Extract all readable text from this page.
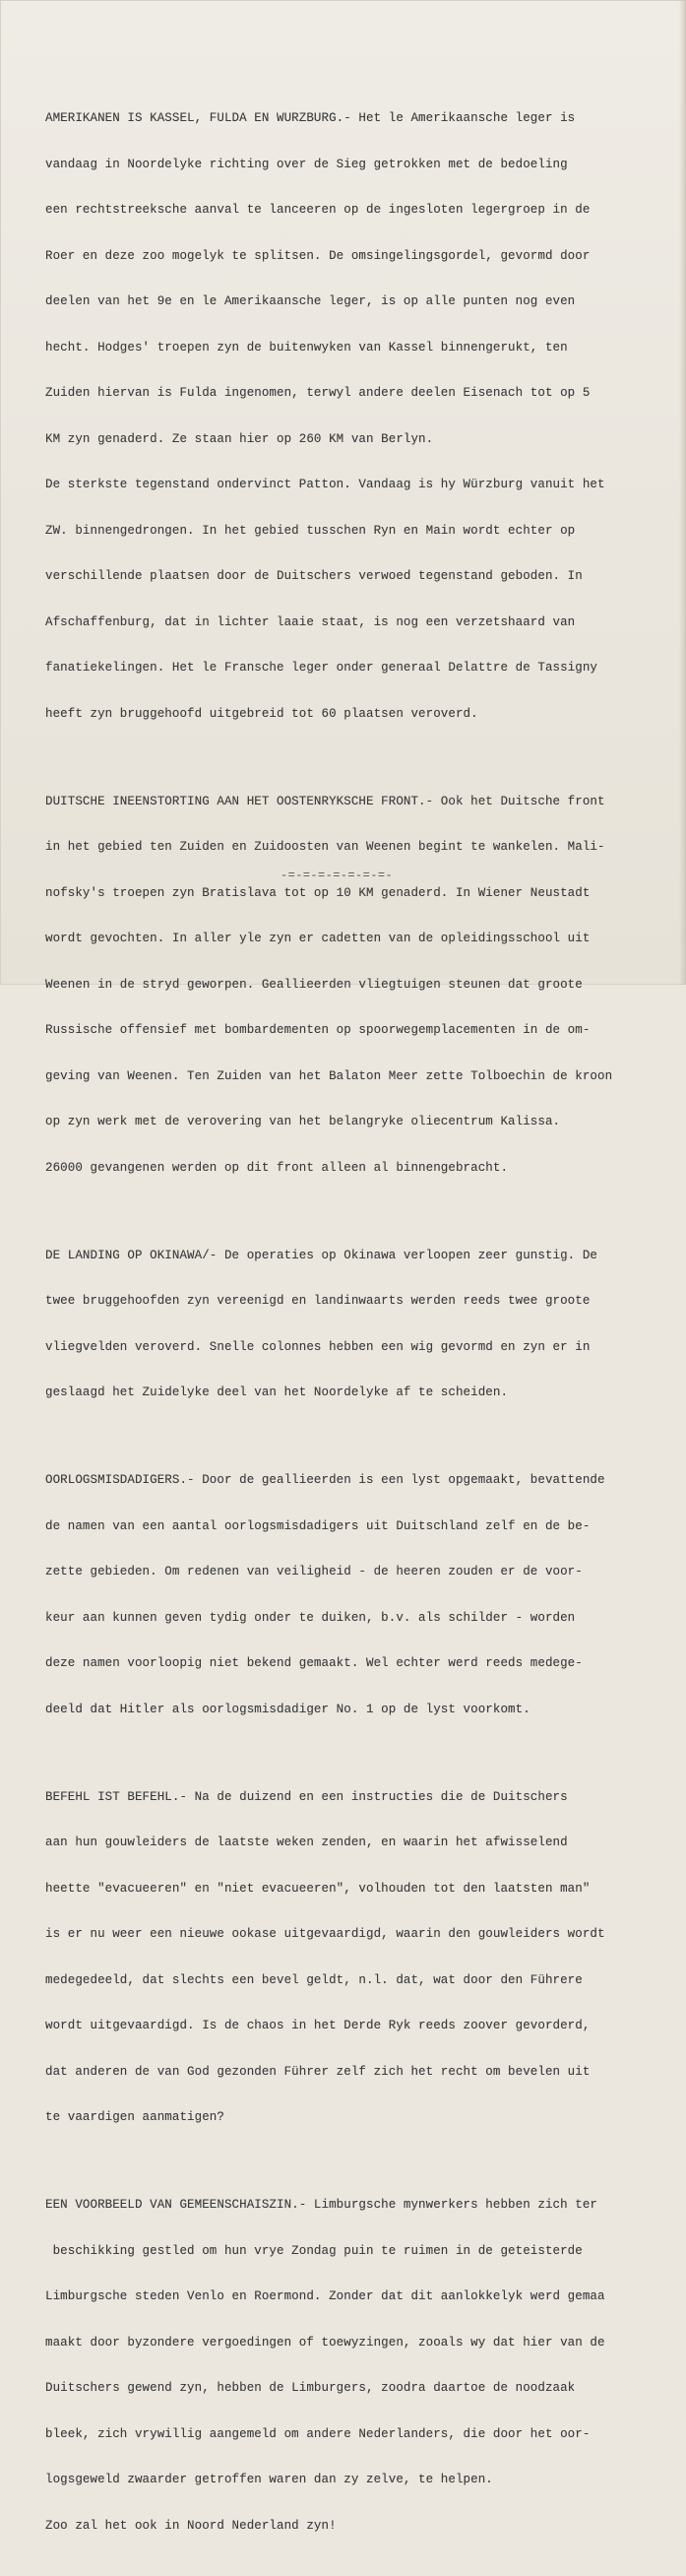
AMERIKANEN IS KASSEL, FULDA EN WURZBURG.- Het le Amerikaansche leger is

vandaag in Noordelyke richting over de Sieg getrokken met de bedoeling

een rechtstreeksche aanval te lanceeren op de ingesloten legergroep in de

Roer en deze zoo mogelyk te splitsen. De omsingelingsgordel, gevormd door

deelen van het 9e en le Amerikaansche leger, is op alle punten nog even

hecht. Hodges' troepen zyn de buitenwyken van Kassel binnengerukt, ten

Zuiden hiervan is Fulda ingenomen, terwyl andere deelen Eisenach tot op 5

KM zyn genaderd. Ze staan hier op 260 KM van Berlyn.

De sterkste tegenstand ondervinct Patton. Vandaag is hy Würzburg vanuit het

ZW. binnengedrongen. In het gebied tusschen Ryn en Main wordt echter op

verschillende plaatsen door de Duitschers verwoed tegenstand geboden. In

Afschaffenburg, dat in lichter laaie staat, is nog een verzetshaard van

fanatiekelingen. Het le Fransche leger onder generaal Delattre de Tassigny

heeft zyn bruggehoofd uitgebreid tot 60 plaatsen veroverd.

DUITSCHE INEENSTORTING AAN HET OOSTENRYKSCHE FRONT.- Ook het Duitsche front

in het gebied ten Zuiden en Zuidoosten van Weenen begint te wankelen. Mali-

nofsky's troepen zyn Bratislava tot op 10 KM genaderd. In Wiener Neustadt

wordt gevochten. In aller yle zyn er cadetten van de opleidingsschool uit

Weenen in de stryd geworpen. Geallieerden vliegtuigen steunen dat groote

Russische offensief met bombardementen op spoorwegemplacementen in de om-

geving van Weenen. Ten Zuiden van het Balaton Meer zette Tolboechin de kroon

op zyn werk met de verovering van het belangryke oliecentrum Kalissa.

26000 gevangenen werden op dit front alleen al binnengebracht.

DE LANDING OP OKINAWA/- De operaties op Okinawa verloopen zeer gunstig. De

twee bruggehoofden zyn vereenigd en landinwaarts werden reeds twee groote

vliegvelden veroverd. Snelle colonnes hebben een wig gevormd en zyn er in

geslaagd het Zuidelyke deel van het Noordelyke af te scheiden.

OORLOGSMISDADIGERS.- Door de geallieerden is een lyst opgemaakt, bevattende

de namen van een aantal oorlogsmisdadigers uit Duitschland zelf en de be-

zette gebieden. Om redenen van veiligheid - de heeren zouden er de voor-

keur aan kunnen geven tydig onder te duiken, b.v. als schilder - worden

deze namen voorloopig niet bekend gemaakt. Wel echter werd reeds medege-

deeld dat Hitler als oorlogsmisdadiger No. 1 op de lyst voorkomt.

BEFEHL IST BEFEHL.- Na de duizend en een instructies die de Duitschers

aan hun gouwleiders de laatste weken zenden, en waarin het afwisselend

heette "evacueeren" en "niet evacueeren", volhouden tot den laatsten man"

is er nu weer een nieuwe ookase uitgevaardigd, waarin den gouwleiders wordt

medegedeeld, dat slechts een bevel geldt, n.l. dat, wat door den Führere

wordt uitgevaardigd. Is de chaos in het Derde Ryk reeds zoover gevorderd,

dat anderen de van God gezonden Führer zelf zich het recht om bevelen uit

te vaardigen aanmatigen?

EEN VOORBEELD VAN GEMEENSCHAISZIN.- Limburgsche mynwerkers hebben zich ter

beschikking gestled om hun vrye Zondag puin te ruimen in de geteisterde

Limburgsche steden Venlo en Roermond. Zonder dat dit aanlokkelyk werd gemaa

maakt door byzondere vergoedingen of toewyzingen, zooals wy dat hier van de

Duitschers gewend zyn, hebben de Limburgers, zoodra daartoe de noodzaak

bleek, zich vrywillig aangemeld om andere Nederlanders, die door het oor-

logsgeweld zwaarder getroffen waren dan zy zelve, te helpen.

Zoo zal het ook in Noord Nederland zyn!

-=-=-=-=-=-=-=-
